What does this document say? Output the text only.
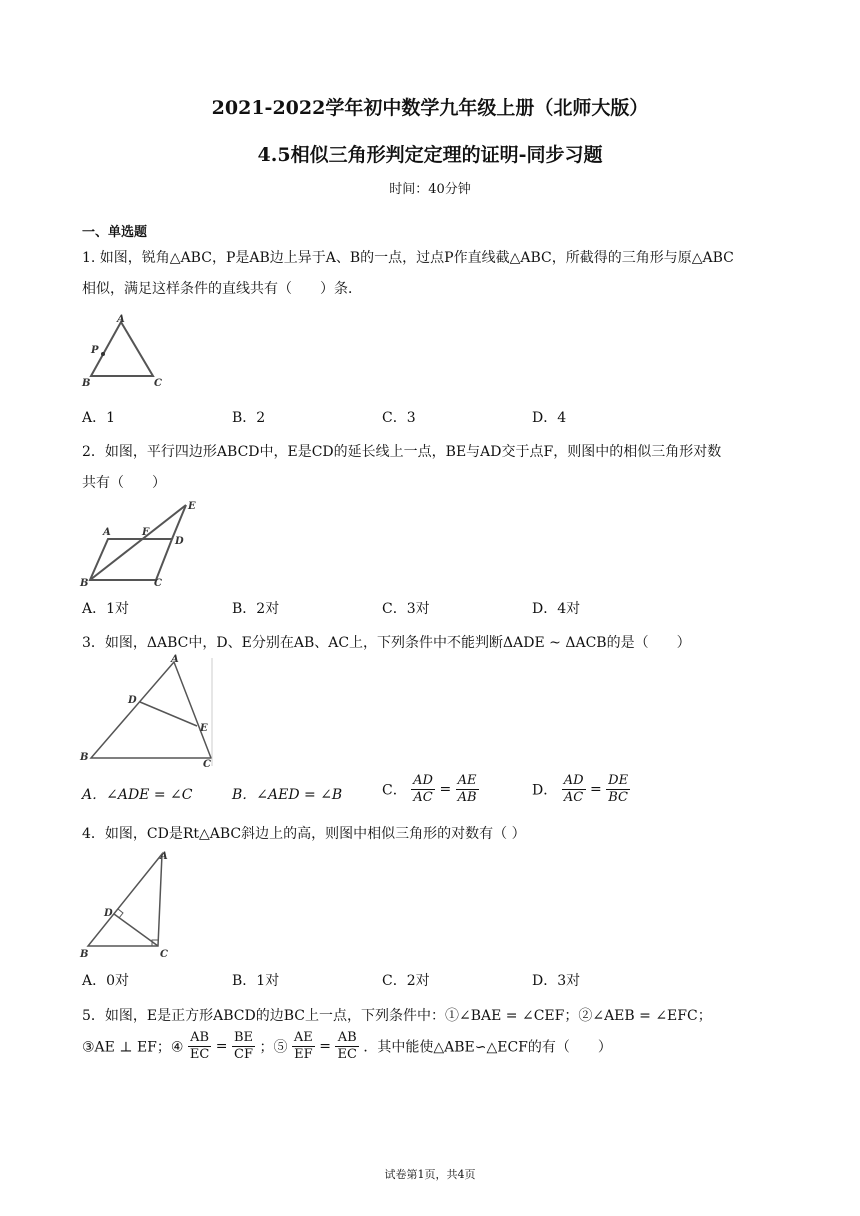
2021-2022学年初中数学九年级上册（北师大版）
4.5相似三角形判定定理的证明-同步习题
时间：40分钟
一、单选题
1. 如图，锐角△ABC，P是AB边上异于A、B的一点，过点P作直线截△ABC，所截得的三角形与原△ABC
相似，满足这样条件的直线共有（　　）条．
A
P
B	C
A．1	B．2	C．3	D．4
2．如图，平行四边形ABCD中，E是CD的延长线上一点，BE与AD交于点F，则图中的相似三角形对数
共有（　　）
A	F
E
D
B	C
A．1对	B．2对	C．3对	D．4对
3．如图，ΔABC中，D、E分别在AB、AC上，下列条件中不能判断ΔADE ~ ΔACB的是（　　）
A
D
E
B
C
A．∠ADE = ∠C	B．∠AED = ∠B	C． $\frac{AD}{AC} = \frac{AE}{AB}$	D． $\frac{AD}{AC} = \frac{DE}{BC}$
4．如图，CD是Rt△ABC斜边上的高，则图中相似三角形的对数有（ ）
A
D
B	C
A．0对	B．1对	C．2对	D．3对
5．如图，E是正方形ABCD的边BC上一点，下列条件中：①∠BAE = ∠CEF；②∠AEB = ∠EFC；
③AE ⊥ EF；④ $\frac{AB}{EC} = \frac{BE}{CF}$ ；⑤ $\frac{AE}{EF} = \frac{AB}{EC}$ ．其中能使△ABE∽△ECF的有（　　）
试卷第1页，共4页
